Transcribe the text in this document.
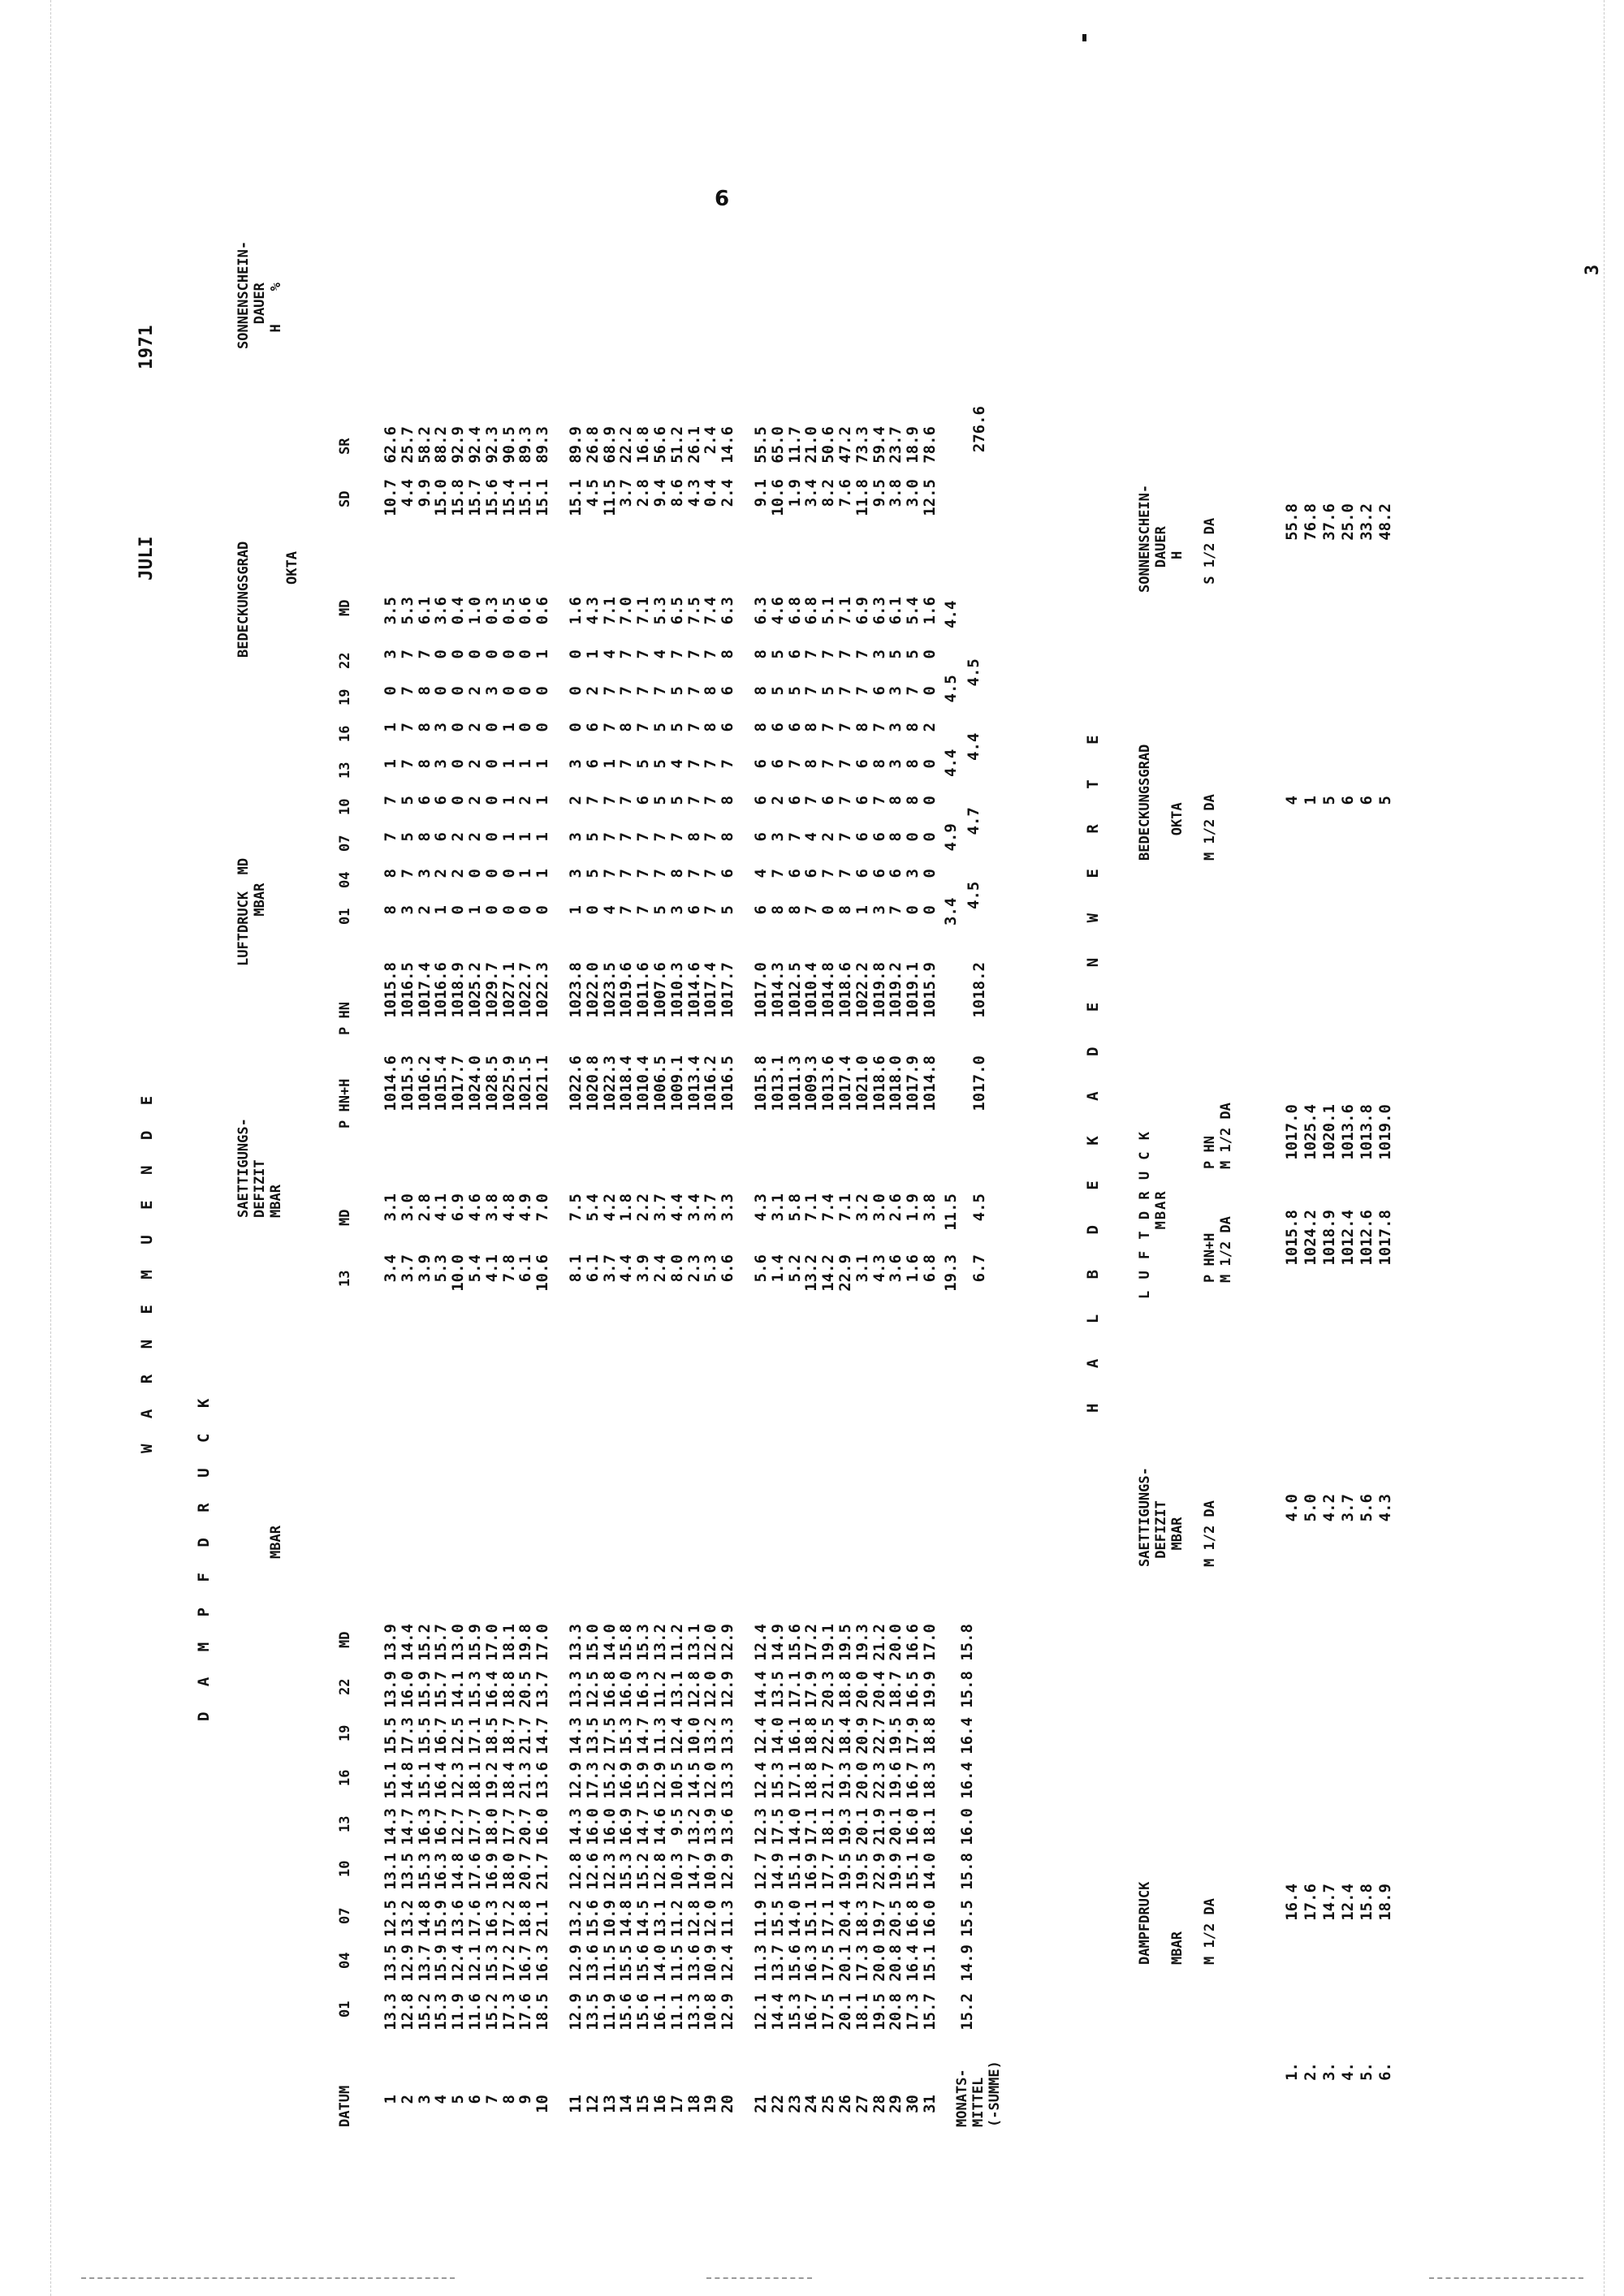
6
3
W A R N E M U E N D E
JULI
1971
D A M P F D R U C K	MBAR
SAETTIGUNGS-
DEFIZIT
MBAR
LUFTDRUCK  MD
MBAR
BEDECKUNGSGRAD OKTA
SONNENSCHEIN-
DAUER
H    %
MONATS-
MITTEL
(-SUMME)
H A L B D E K A D E N W E R T E
DAMPFDRUCK

MBAR

M 1/2 DA
SAETTIGUNGS-
DEFIZIT
MBAR

M 1/2 DA
L U F T D R U C K
MBAR
P HN+H
M 1/2 DA
P HN
M 1/2 DA
BEDECKUNGSGRAD

OKTA

M 1/2 DA
SONNENSCHEIN-
DAUER
H

S 1/2 DA
DATUM
01
04
07
10
13
16
19
22
MD
13
MD
P HN+H
P HN
01
04
07
10
13
16
19
22
MD
SD
SR
1
13.3
13.5
12.5
13.1
14.3
15.1
15.5
13.9
13.9
3.4
3.1
1014.6
1015.8
8
8
7
7
1
1
0
3
3.5
10.7
62.6
2
12.8
12.9
13.2
13.5
14.7
14.8
17.3
16.0
14.4
3.7
3.0
1015.3
1016.5
3
7
5
5
7
7
7
7
5.3
4.4
25.7
3
15.2
13.7
14.8
15.3
16.3
15.1
15.5
15.9
15.2
3.9
2.8
1016.2
1017.4
2
3
8
6
8
8
8
7
6.1
9.9
58.2
4
15.3
15.9
15.9
16.3
16.7
16.4
16.7
15.7
15.7
5.3
4.1
1015.4
1016.6
1
2
6
6
3
3
0
0
3.6
15.0
88.2
5
11.9
12.4
13.6
14.8
12.7
12.3
12.5
14.1
13.0
10.0
6.9
1017.7
1018.9
0
2
2
0
0
0
0
0
0.4
15.8
92.9
6
11.6
12.1
17.6
17.6
17.7
18.1
17.1
15.3
15.9
5.4
4.6
1024.0
1025.2
1
0
2
2
2
2
2
0
1.0
15.7
92.4
7
15.2
15.3
16.3
16.9
18.0
19.2
18.5
16.4
17.0
4.1
3.8
1028.5
1029.7
0
0
0
0
0
0
3
0
0.3
15.6
92.3
8
17.3
17.2
17.2
18.0
17.7
18.4
18.7
18.8
18.1
7.8
4.8
1025.9
1027.1
0
0
1
1
1
1
0
0
0.5
15.4
90.5
9
17.6
16.7
18.8
20.7
20.7
21.3
21.7
20.5
19.8
6.1
4.9
1021.5
1022.7
0
1
1
2
1
0
0
0
0.6
15.1
89.3
10
18.5
16.3
21.1
21.7
16.0
13.6
14.7
13.7
17.0
10.6
7.0
1021.1
1022.3
0
1
1
1
1
0
0
1
0.6
15.1
89.3
11
12.9
12.9
13.2
12.8
14.3
12.9
14.3
13.3
13.3
8.1
7.5
1022.6
1023.8
1
3
3
2
3
0
0
0
1.6
15.1
89.9
12
13.5
13.6
15.6
12.6
16.0
17.3
13.5
12.5
15.0
6.1
5.4
1020.8
1022.0
0
5
5
7
6
6
2
1
4.3
4.5
26.8
13
11.9
11.5
10.9
12.3
16.0
15.2
17.5
16.8
14.0
3.7
4.2
1022.3
1023.5
4
7
7
7
1
7
7
4
7.1
11.5
68.9
14
15.6
15.5
14.8
15.3
16.9
16.9
15.3
16.0
15.8
4.4
1.8
1018.4
1019.6
7
7
7
7
7
8
7
7
7.0
3.7
22.2
15
15.6
15.6
14.5
15.2
14.7
15.9
14.7
16.3
15.3
3.9
2.2
1010.4
1011.6
7
7
7
6
5
7
7
7
7.1
2.8
16.8
16
16.1
14.0
13.1
12.8
14.6
12.9
11.3
11.2
13.2
2.4
3.7
1006.5
1007.6
5
7
7
5
5
5
7
4
5.3
9.4
56.6
17
11.1
11.5
11.2
10.3
9.5
10.5
12.4
13.1
11.2
8.0
4.4
1009.1
1010.3
3
8
7
5
4
5
5
7
6.5
8.6
51.2
18
13.3
13.6
12.8
14.7
13.2
14.5
10.0
12.8
13.1
2.3
3.4
1013.4
1014.6
6
7
8
7
7
7
7
7
7.5
4.3
26.1
19
10.8
10.9
12.0
10.9
13.9
12.0
13.2
12.0
12.0
5.3
3.7
1016.2
1017.4
7
7
7
7
7
8
8
7
7.4
0.4
2.4
20
12.9
12.4
11.3
12.9
13.6
13.3
13.3
12.9
12.9
6.6
3.3
1016.5
1017.7
5
6
8
8
7
6
6
8
6.3
2.4
14.6
21
12.1
11.3
11.9
12.7
12.3
12.4
12.4
14.4
12.4
5.6
4.3
1015.8
1017.0
6
4
6
6
6
8
8
8
6.3
9.1
55.5
22
14.4
13.7
15.5
14.9
17.5
15.3
14.0
13.5
14.9
1.4
3.1
1013.1
1014.3
8
7
3
2
6
6
5
5
4.6
10.6
65.0
23
15.3
15.6
14.0
15.1
14.0
17.1
16.1
17.1
15.6
5.2
5.8
1011.3
1012.5
8
6
7
6
7
6
5
6
6.8
1.9
11.7
24
16.7
16.3
15.1
16.9
17.1
18.8
18.8
17.9
17.2
13.2
7.1
1009.3
1010.4
7
6
4
7
8
8
7
7
6.8
3.4
21.0
25
17.5
17.5
17.1
17.7
18.1
21.7
22.5
20.3
19.1
14.2
7.4
1013.6
1014.8
0
7
2
6
7
7
5
7
5.1
8.2
50.6
26
20.1
20.1
20.4
19.5
19.3
19.3
18.4
18.8
19.5
22.9
7.1
1017.4
1018.6
8
7
7
7
7
7
7
7
7.1
7.6
47.2
27
18.1
17.3
18.3
19.5
20.1
20.0
20.9
20.0
19.3
3.1
3.2
1021.0
1022.2
1
6
6
6
6
8
7
7
6.9
11.8
73.3
28
19.5
20.0
19.7
22.9
21.9
22.3
22.7
20.4
21.2
4.3
3.0
1018.6
1019.8
3
6
6
7
8
7
6
3
6.3
9.5
59.4
29
20.8
20.8
20.5
19.9
20.1
19.6
19.5
18.7
20.0
3.6
2.6
1018.0
1019.2
7
6
8
8
3
3
3
5
6.1
3.8
23.7
30
17.3
16.4
16.8
15.1
16.0
16.7
17.9
16.5
16.6
1.6
1.9
1017.9
1019.1
0
3
0
8
8
8
7
5
5.4
3.0
18.9
31
15.7
15.1
16.0
14.0
18.1
18.3
18.8
19.9
17.0
6.8
3.8
1014.8
1015.9
0
0
0
0
0
2
0
0
1.6
12.5
78.6
15.2
14.9
15.5
15.8
16.0
16.4
16.4
15.8
15.8
19.3
11.5
6.7
4.5
1017.0
1018.2
3.4     4.9     4.4     4.5     4.4 4.5     4.7     4.4     4.5
276.6
1.
16.4
4.0
1015.8
1017.0
4
55.8
2.
17.6
5.0
1024.2
1025.4
1
76.8
3.
14.7
4.2
1018.9
1020.1
5
37.6
4.
12.4
3.7
1012.4
1013.6
6
25.0
5.
15.8
5.6
1012.6
1013.8
6
33.2
6.
18.9
4.3
1017.8
1019.0
5
48.2
